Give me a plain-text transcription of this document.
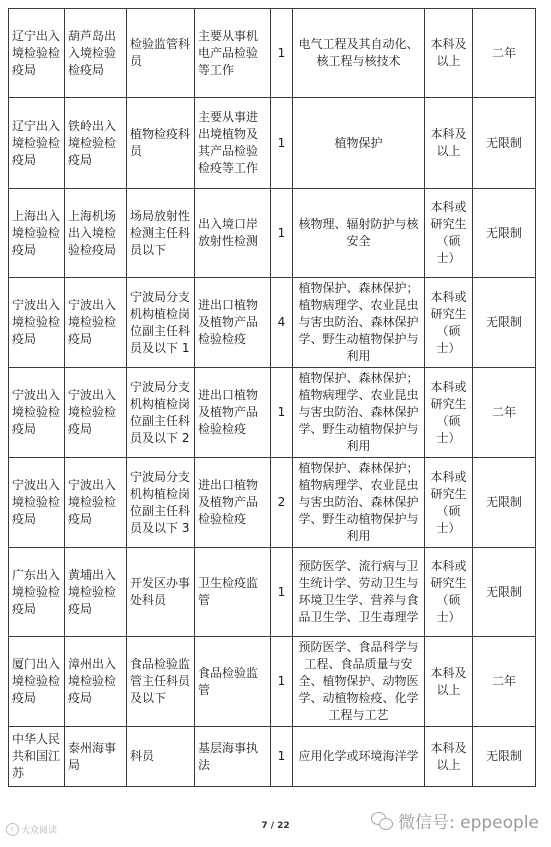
辽宁出入境检验检疫局	葫芦岛出入境检验检疫局	检验监管科员	主要从事机电产品检验等工作	1	电气工程及其自动化、核工程与核技术	本科及以上	二年

辽宁出入境检验检疫局	铁岭出入境检验检疫局	植物检疫科员	主要从事进出境植物及其产品检验检疫等工作	1	植物保护	本科及以上	无限制

上海出入境检验检疫局	上海机场出入境检验检疫局	场局放射性检测主任科员以下	出入境口岸放射性检测	1	核物理、辐射防护与核安全	本科或研究生（硕士）	无限制

宁波出入境检验检疫局	宁波出入境检验检疫局	宁波局分支机构植检岗位副主任科员及以下 1	进出口植物及植物产品检验检疫	4	植物保护、森林保护；植物病理学、农业昆虫与害虫防治、森林保护学、野生动植物保护与利用	本科或研究生（硕士）	无限制

宁波出入境检验检疫局	宁波出入境检验检疫局	宁波局分支机构植检岗位副主任科员及以下 2	进出口植物及植物产品检验检疫	1	植物保护、森林保护；植物病理学、农业昆虫与害虫防治、森林保护学、野生动植物保护与利用	本科或研究生（硕士）	二年

宁波出入境检验检疫局	宁波出入境检验检疫局	宁波局分支机构植检岗位副主任科员及以下 3	进出口植物及植物产品检验检疫	2	植物保护、森林保护；植物病理学、农业昆虫与害虫防治、森林保护学、野生动植物保护与利用	本科或研究生（硕士）	无限制

广东出入境检验检疫局	黄埔出入境检验检疫局	开发区办事处科员	卫生检疫监管	1	预防医学、流行病与卫生统计学、劳动卫生与环境卫生学、营养与食品卫生学、卫生毒理学	本科或研究生（硕士）	无限制

厦门出入境检验检疫局	漳州出入境检验检疫局	食品检验监管主任科员及以下	食品检验监管	1	预防医学、食品科学与工程、食品质量与安全、植物保护、动物医学、动植物检疫、化学工程与工艺	本科及以上	二年

中华人民共和国江苏	泰州海事局	科员	基层海事执法	1	应用化学或环境海洋学	本科及以上	无限制
c 大众阅读	7 / 22	微信号: eppeople
